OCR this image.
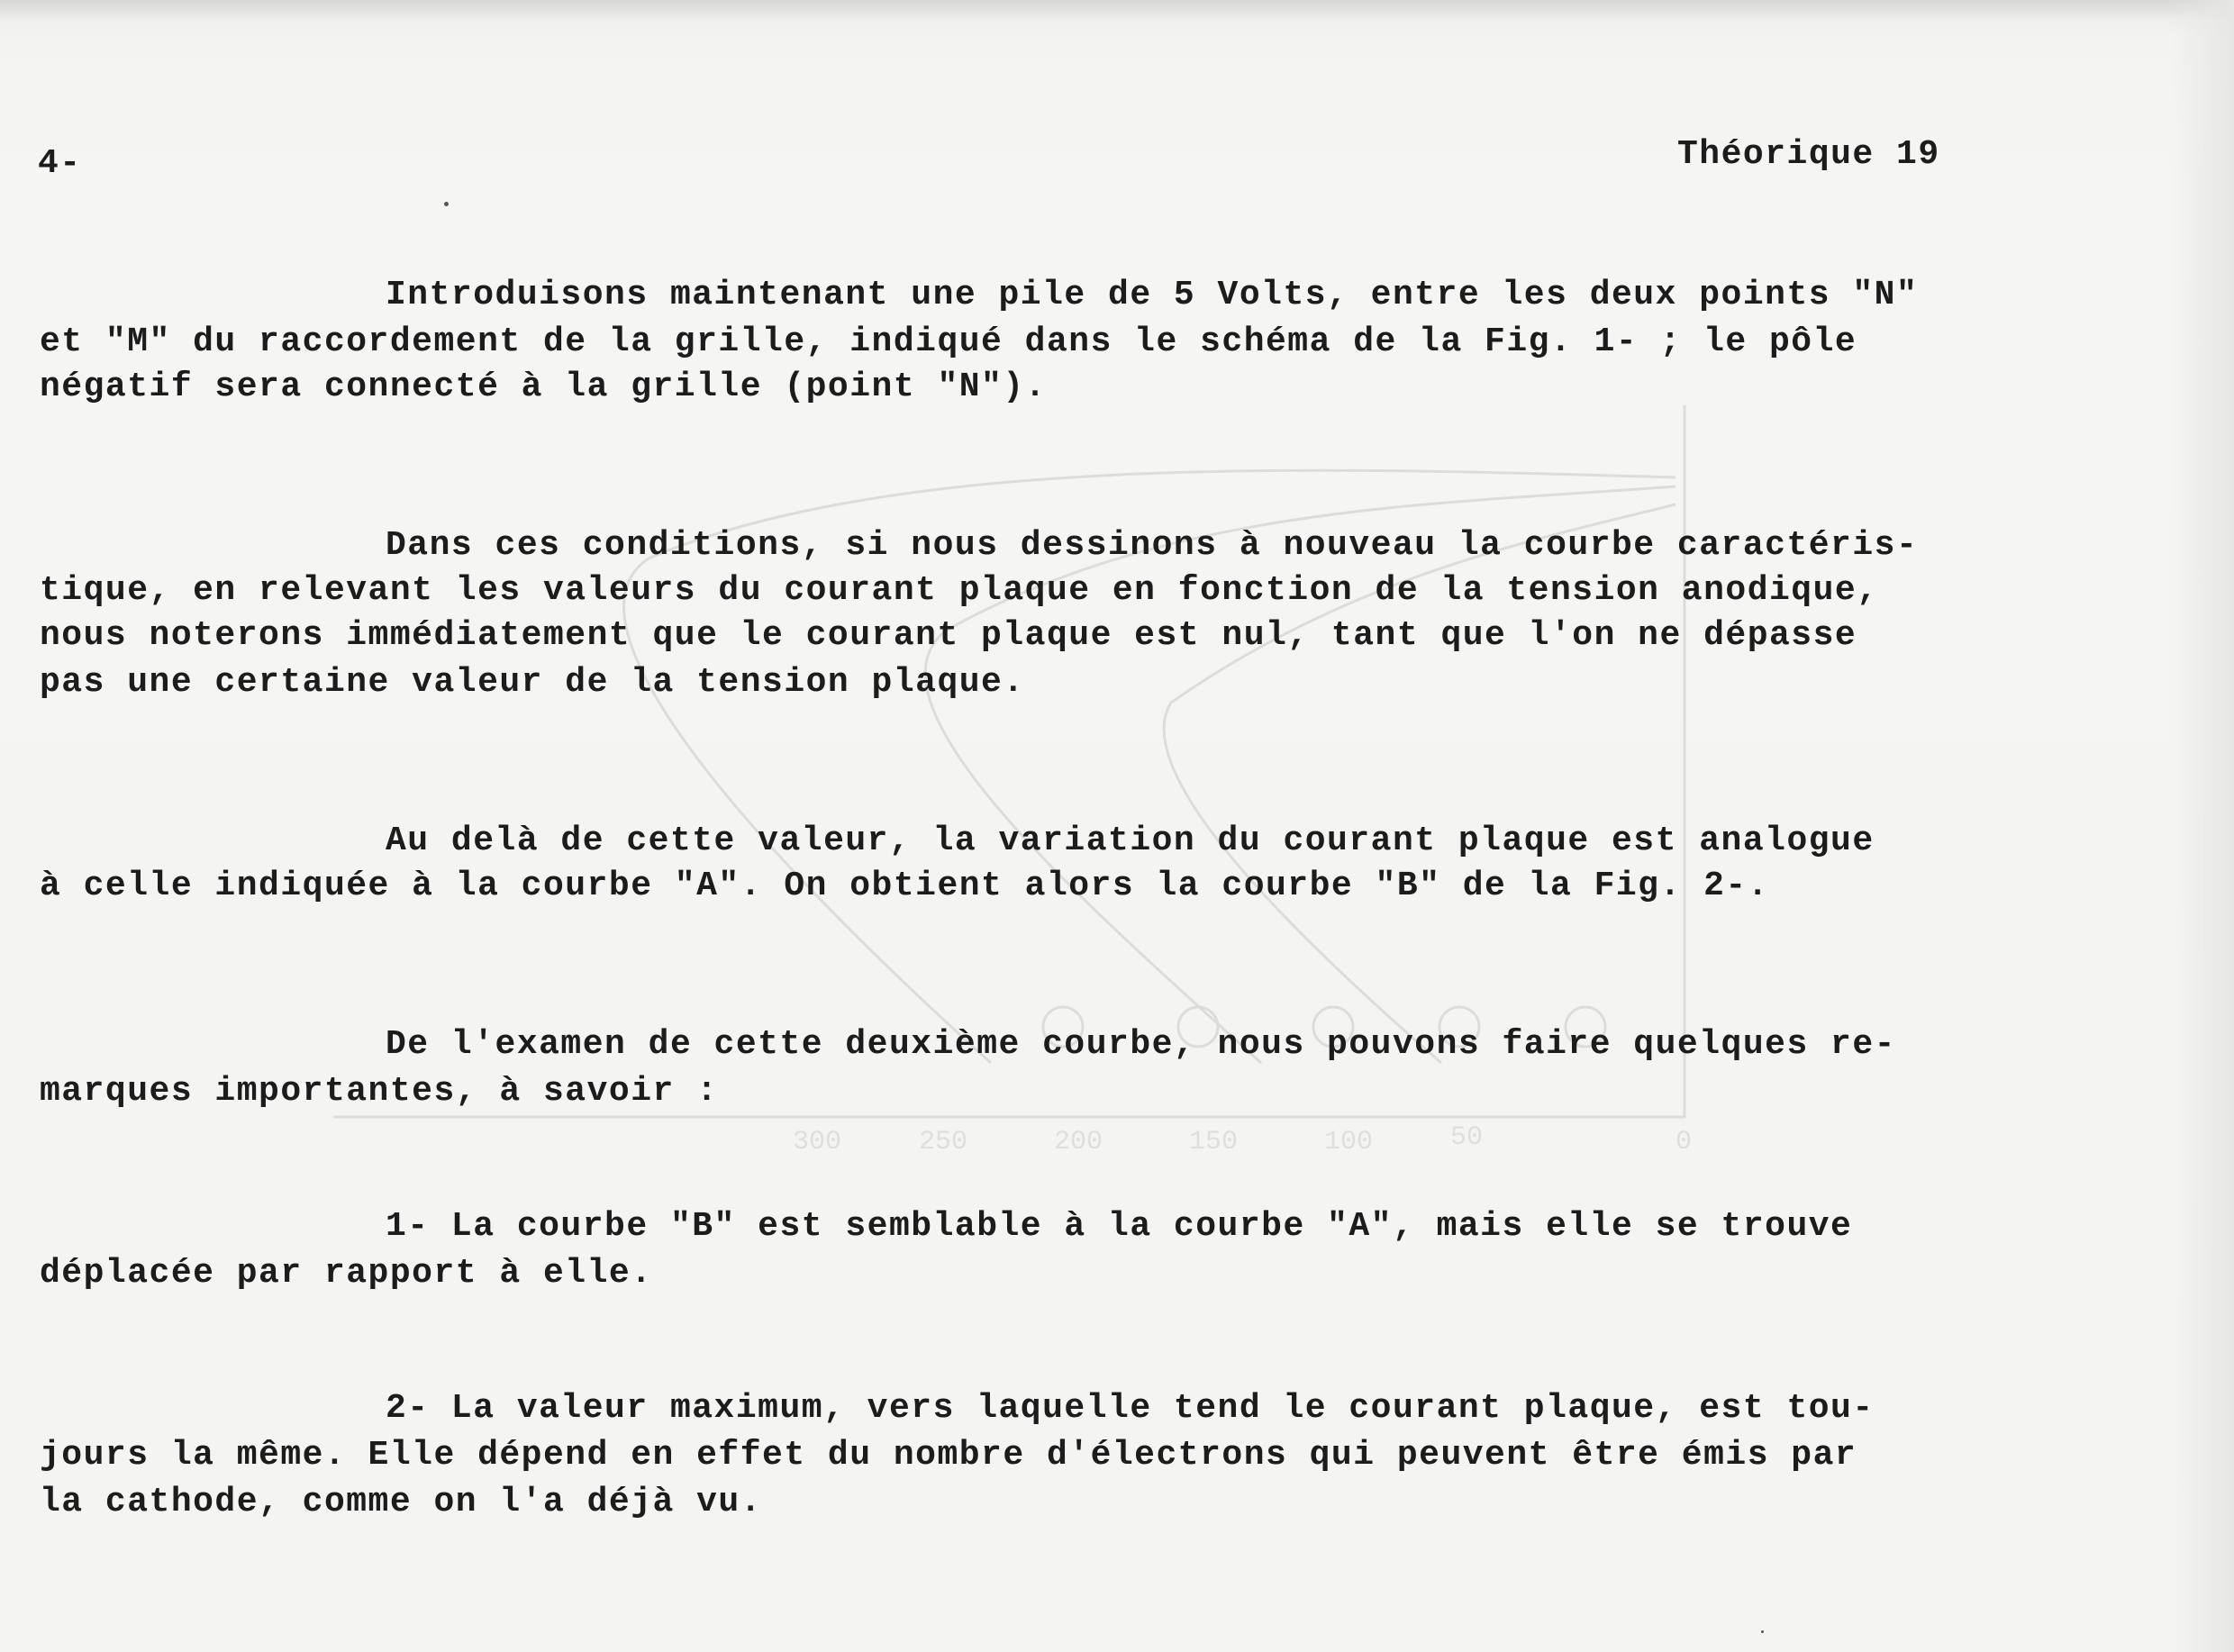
50
100
150
200
250
300	0

4-	Théorique 19

Introduisons maintenant une pile de 5 Volts, entre les deux points "N"

et "M" du raccordement de la grille, indiqué dans le schéma de la Fig. 1- ; le pôle

négatif sera connecté à la grille (point "N").

Dans ces conditions, si nous dessinons à nouveau la courbe caractéris-

tique, en relevant les valeurs du courant plaque en fonction de la tension anodique,

nous noterons immédiatement que le courant plaque est nul, tant que l'on ne dépasse

pas une certaine valeur de la tension plaque.

Au delà de cette valeur, la variation du courant plaque est analogue

à celle indiquée à la courbe "A". On obtient alors la courbe "B" de la Fig. 2-.

De l'examen de cette deuxième courbe, nous pouvons faire quelques re-

marques importantes, à savoir :

1- La courbe "B" est semblable à la courbe "A", mais elle se trouve

déplacée par rapport à elle.

2- La valeur maximum, vers laquelle tend le courant plaque, est tou-

jours la même. Elle dépend en effet du nombre d'électrons qui peuvent être émis par

la cathode, comme on l'a déjà vu.
